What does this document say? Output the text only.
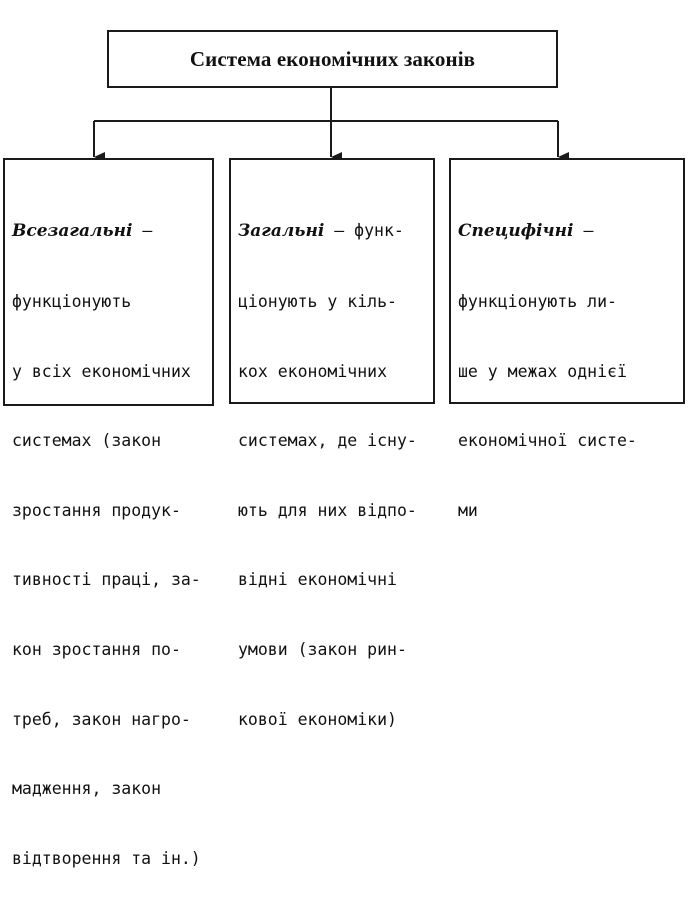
Система економічних законів

Всезагальні —

функціонують

у всіх економічних

системах (закон

зростання продук-

тивності праці, за-

кон зростання по-

треб, закон нагро-

мадження, закон

відтворення та ін.)

Загальні — функ-

ціонують у кіль-

кох економічних

системах, де існу-

ють для них відпо-

відні економічні

умови (закон рин-

кової економіки)

Специфічні —

функціонують ли-

ше у межах однієї

економічної систе-

ми
